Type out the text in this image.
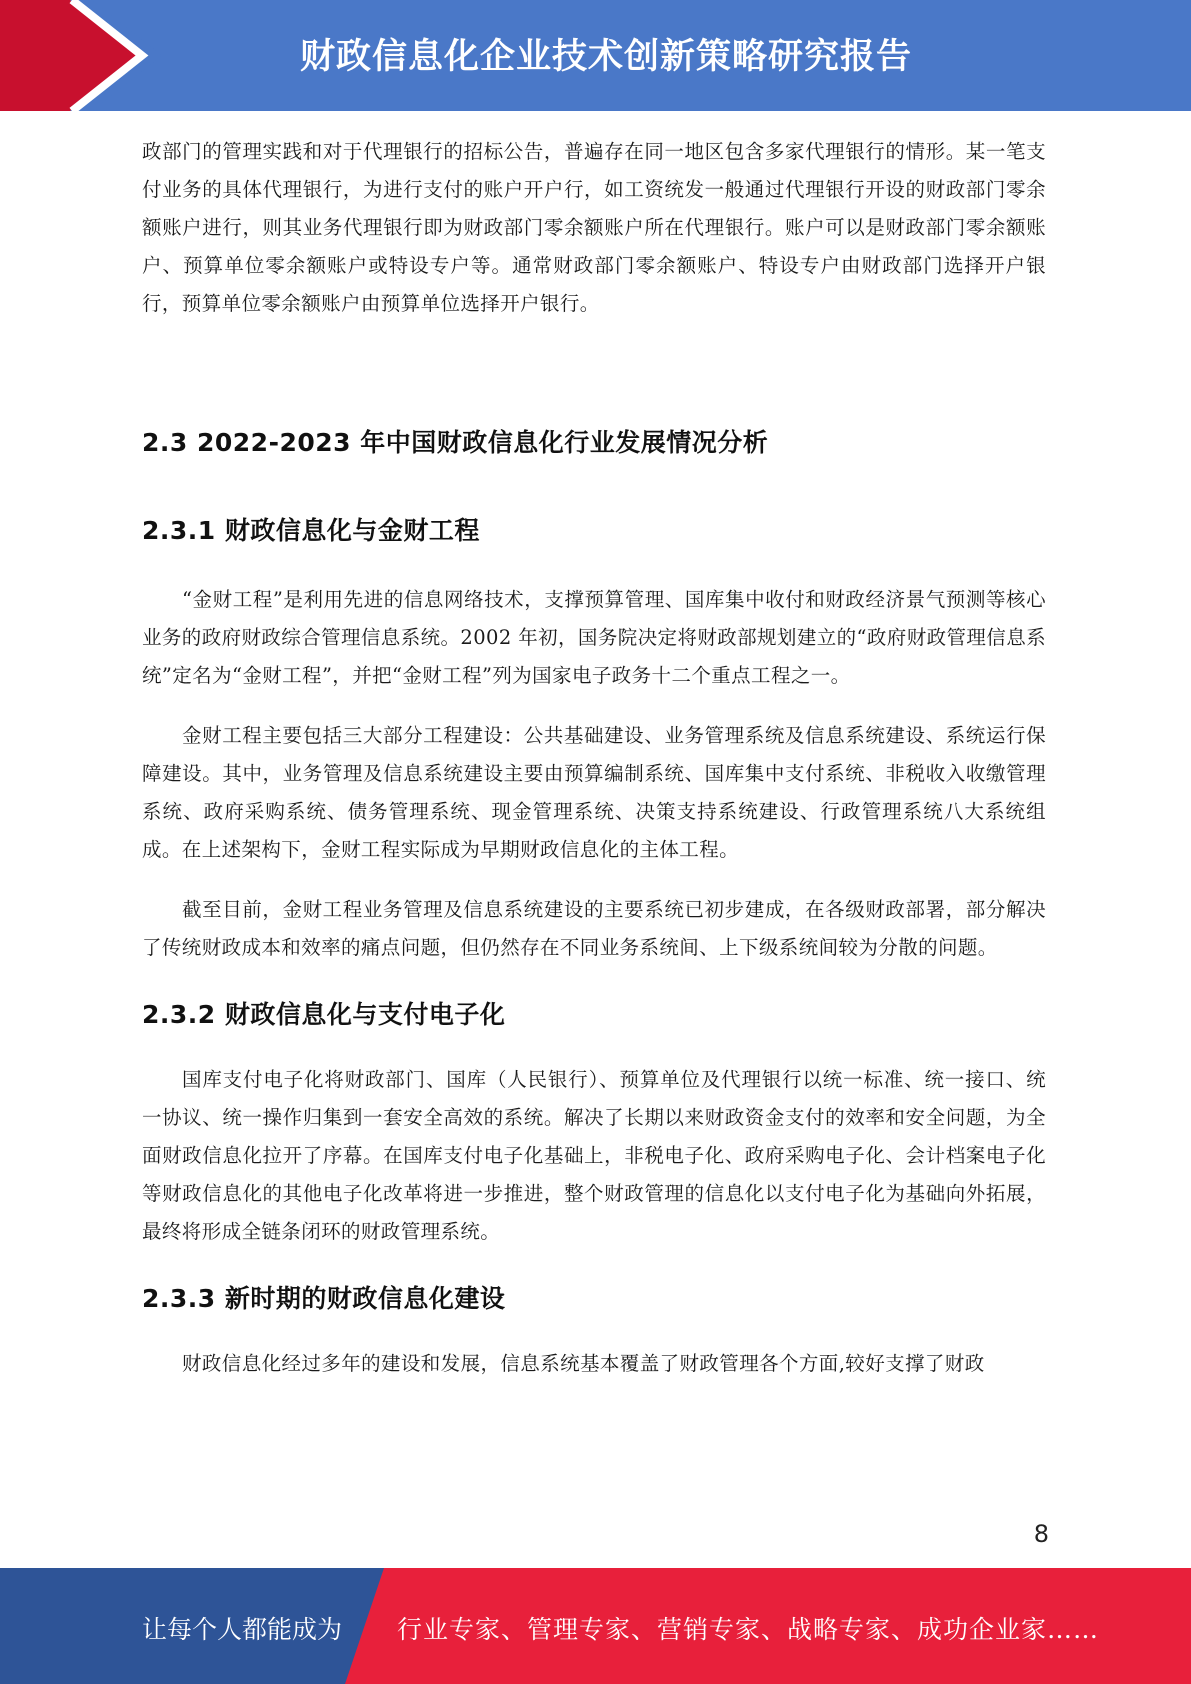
财政信息化企业技术创新策略研究报告

政部门的管理实践和对于代理银行的招标公告，普遍存在同一地区包含多家代理银行的情形。某一笔支付业务的具体代理银行，为进行支付的账户开户行，如工资统发一般通过代理银行开设的财政部门零余额账户进行，则其业务代理银行即为财政部门零余额账户所在代理银行。账户可以是财政部门零余额账户、预算单位零余额账户或特设专户等。通常财政部门零余额账户、特设专户由财政部门选择开户银行，预算单位零余额账户由预算单位选择开户银行。

2.3 2022-2023 年中国财政信息化行业发展情况分析
2.3.1 财政信息化与金财工程

“金财工程”是利用先进的信息网络技术，支撑预算管理、国库集中收付和财政经济景气预测等核心业务的政府财政综合管理信息系统。2002 年初，国务院决定将财政部规划建立的“政府财政管理信息系统”定名为“金财工程”，并把“金财工程”列为国家电子政务十二个重点工程之一。

金财工程主要包括三大部分工程建设：公共基础建设、业务管理系统及信息系统建设、系统运行保障建设。其中，业务管理及信息系统建设主要由预算编制系统、国库集中支付系统、非税收入收缴管理系统、政府采购系统、债务管理系统、现金管理系统、决策支持系统建设、行政管理系统八大系统组成。在上述架构下，金财工程实际成为早期财政信息化的主体工程。

截至目前，金财工程业务管理及信息系统建设的主要系统已初步建成，在各级财政部署，部分解决了传统财政成本和效率的痛点问题，但仍然存在不同业务系统间、上下级系统间较为分散的问题。

2.3.2 财政信息化与支付电子化

国库支付电子化将财政部门、国库（人民银行）、预算单位及代理银行以统一标准、统一接口、统一协议、统一操作归集到一套安全高效的系统。解决了长期以来财政资金支付的效率和安全问题，为全面财政信息化拉开了序幕。在国库支付电子化基础上，非税电子化、政府采购电子化、会计档案电子化等财政信息化的其他电子化改革将进一步推进，整个财政管理的信息化以支付电子化为基础向外拓展，最终将形成全链条闭环的财政管理系统。

2.3.3 新时期的财政信息化建设

财政信息化经过多年的建设和发展，信息系统基本覆盖了财政管理各个方面,较好支撑了财政

8
让每个人都能成为 行业专家、管理专家、营销专家、战略专家、成功企业家……
